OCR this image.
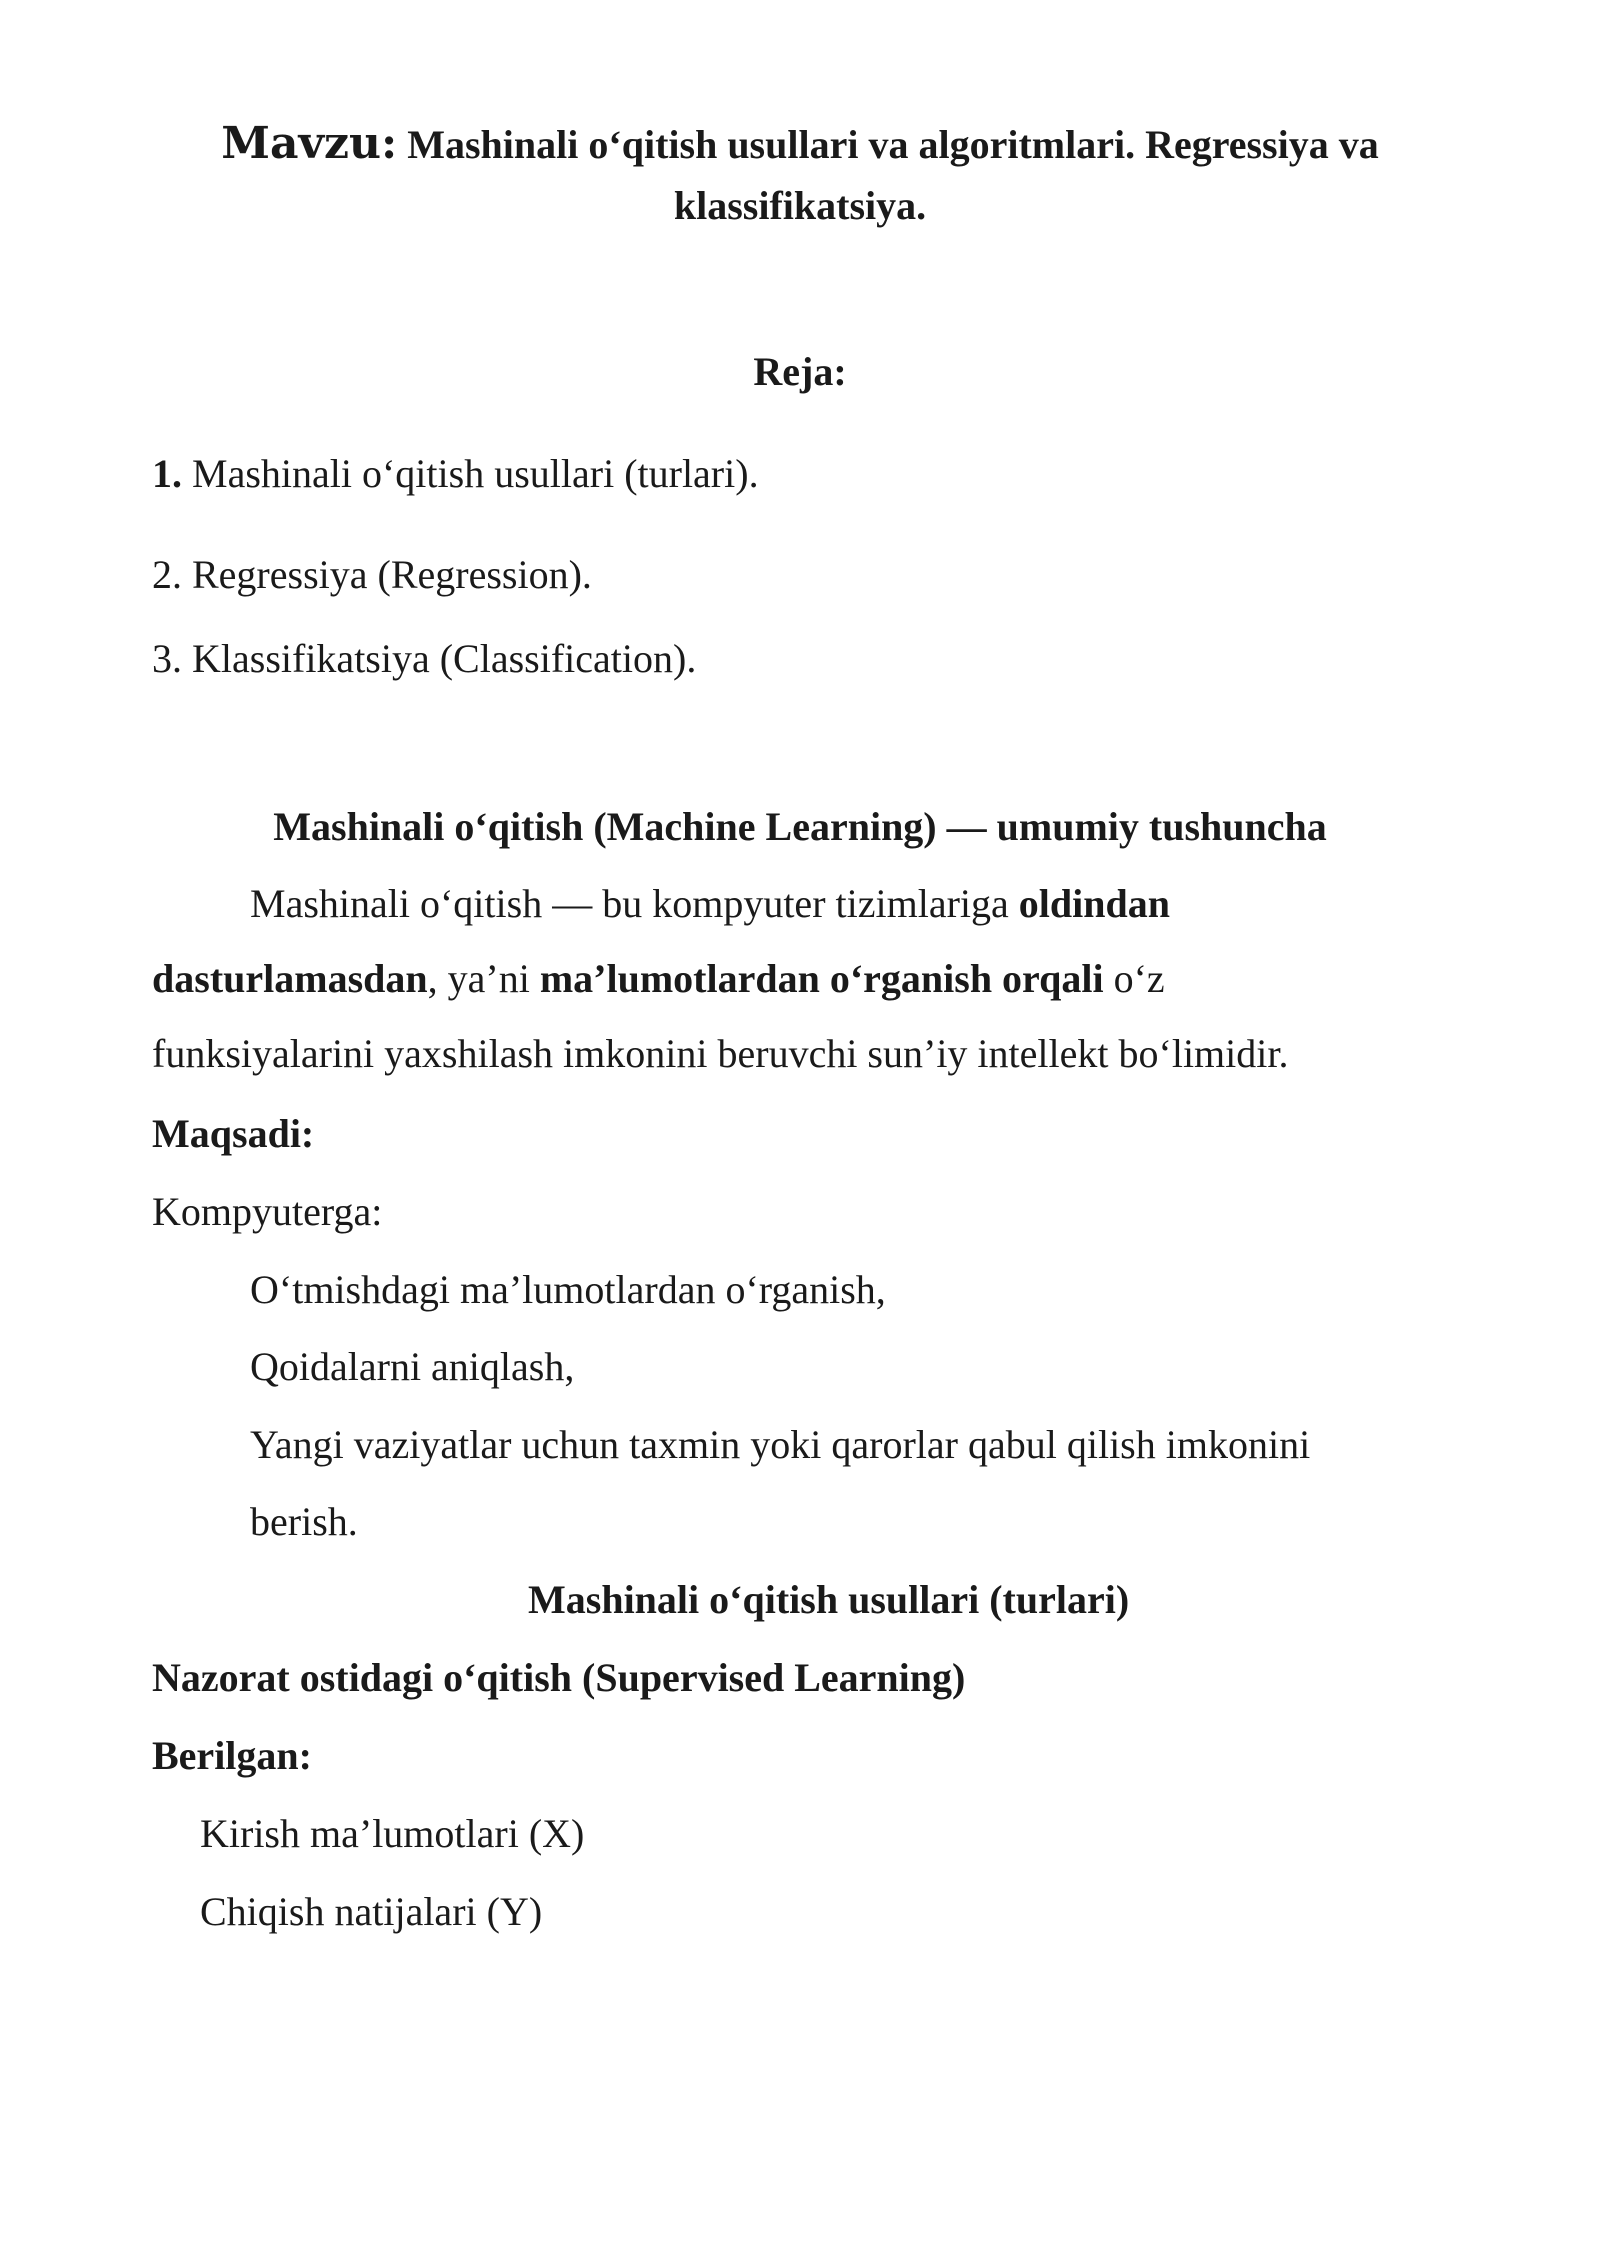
Mavzu: Mashinali o‘qitish usullari va algoritmlari. Regressiya va
klassifikatsiya.
Reja:
1. Mashinali o‘qitish usullari (turlari).
2. Regressiya (Regression).
3. Klassifikatsiya (Classification).
Mashinali o‘qitish (Machine Learning) — umumiy tushuncha
Mashinali o‘qitish — bu kompyuter tizimlariga oldindan
dasturlamasdan, ya’ni ma’lumotlardan o‘rganish orqali o‘z
funksiyalarini yaxshilash imkonini beruvchi sun’iy intellekt bo‘limidir.
Maqsadi:
Kompyuterga:
O‘tmishdagi ma’lumotlardan o‘rganish,
Qoidalarni aniqlash,
Yangi vaziyatlar uchun taxmin yoki qarorlar qabul qilish imkonini
berish.
Mashinali o‘qitish usullari (turlari)
Nazorat ostidagi o‘qitish (Supervised Learning)
Berilgan:
Kirish ma’lumotlari (X)
Chiqish natijalari (Y)
